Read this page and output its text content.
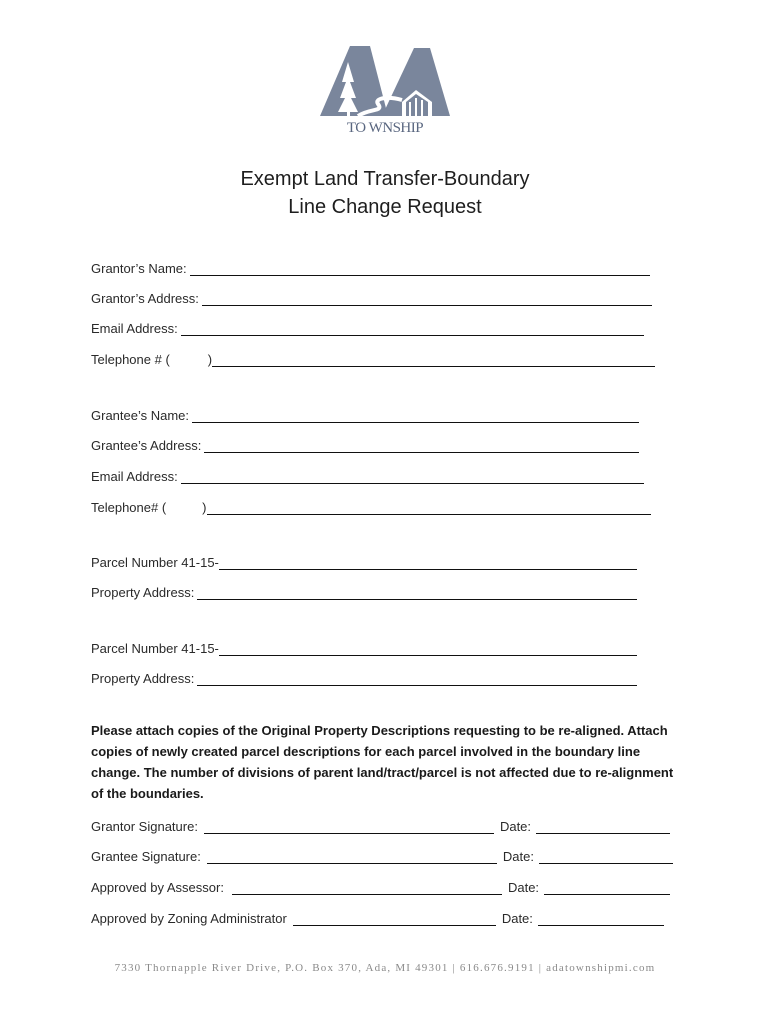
TO WNSHIP
Exempt Land Transfer-Boundary
Line Change Request
Grantor’s Name:
Grantor’s Address:
Email Address:
Telephone # (	)
Grantee’s Name:
Grantee’s Address:
Email Address:
Telephone# (	)
Parcel Number 41-15-
Property Address:
Parcel Number 41-15-
Property Address:
Please attach copies of the Original Property Descriptions requesting to be re-aligned. Attach copies of newly created parcel descriptions for each parcel involved in the boundary line change. The number of divisions of parent land/tract/parcel is not affected due to re-alignment of the boundaries.
Grantor Signature:	Date:
Grantee Signature:	Date:
Approved by Assessor:	Date:
Approved by Zoning Administrator	Date:
7330 Thornapple River Drive, P.O. Box 370, Ada, MI 49301 | 616.676.9191 | adatownshipmi.com
